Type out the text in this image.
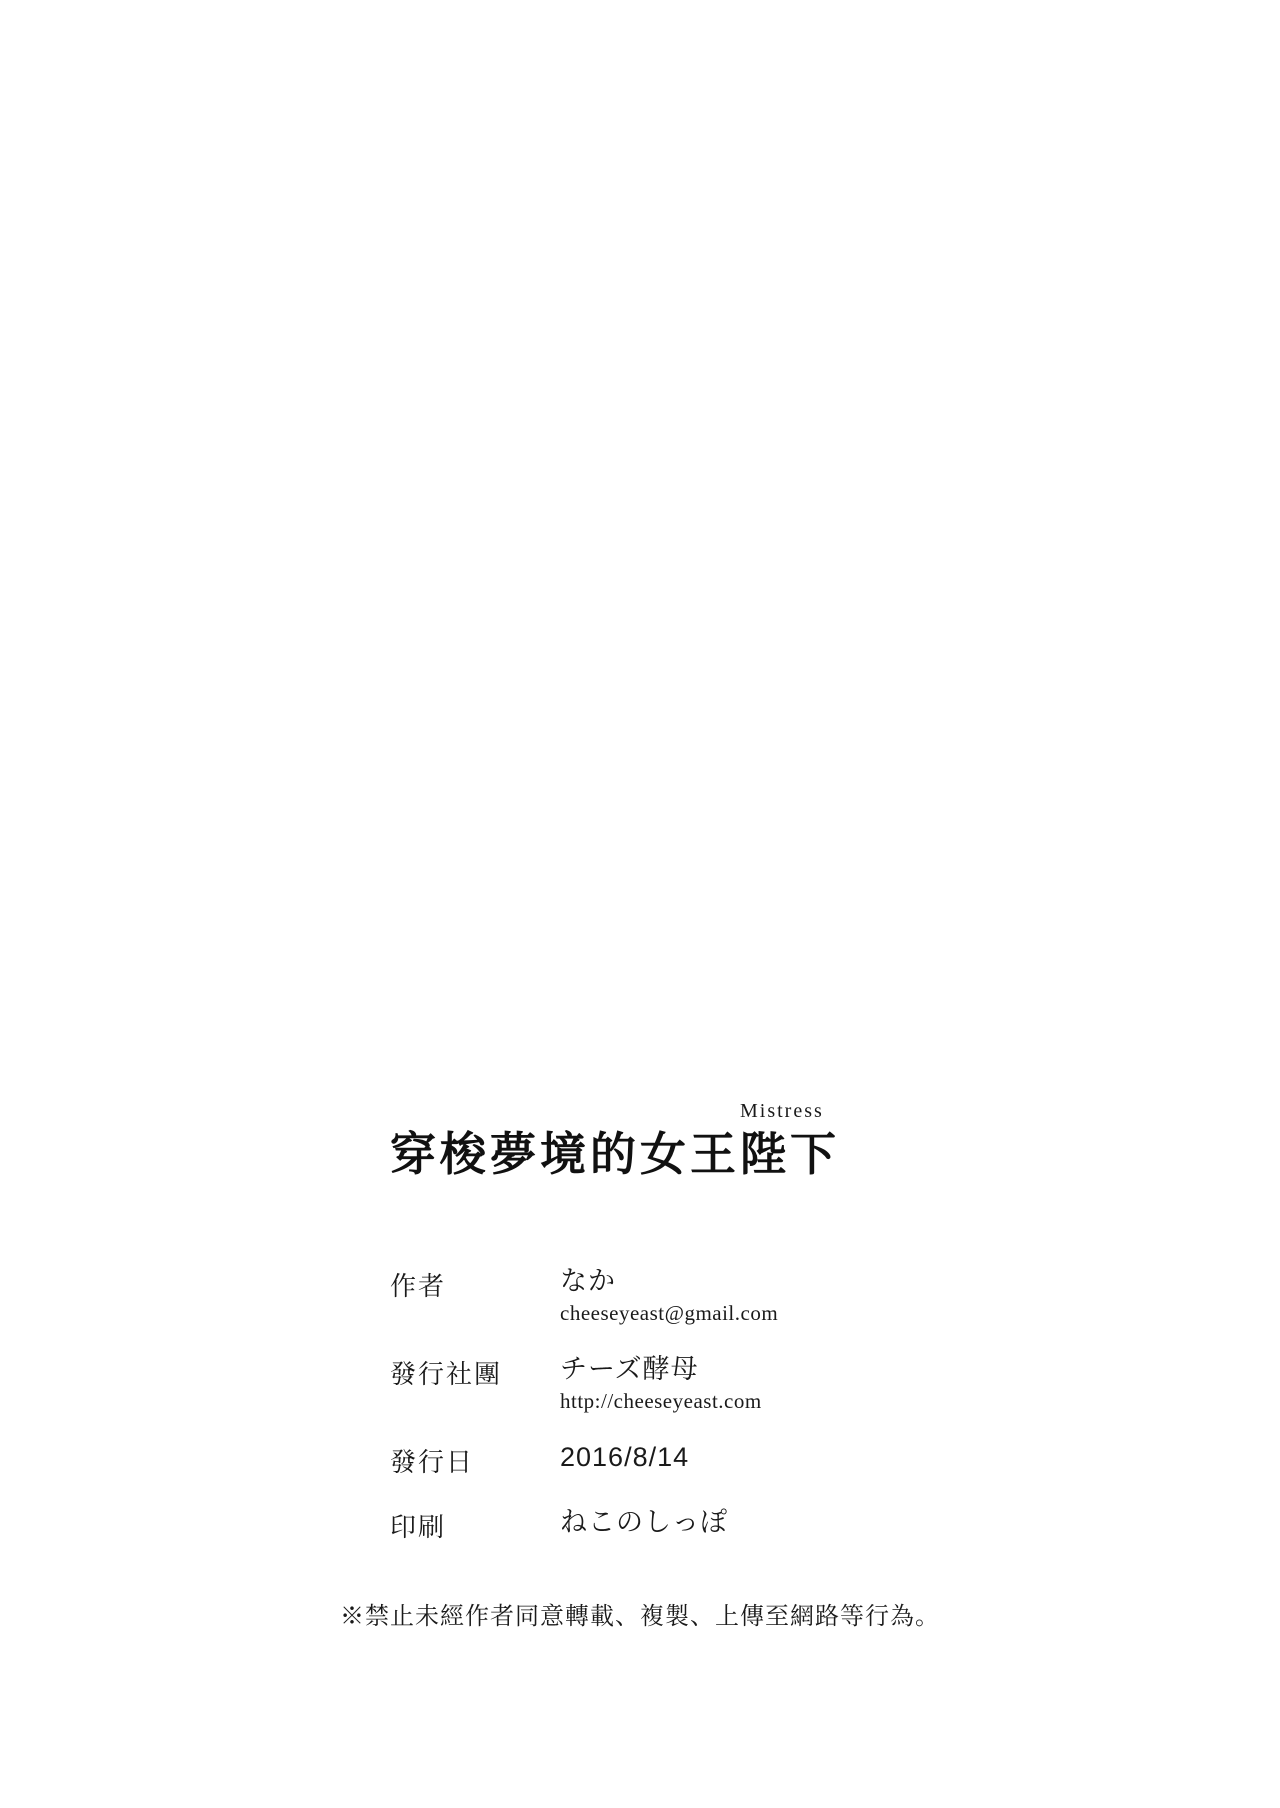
Mistress
穿梭夢境的女王陛下
作者	なか
cheeseyeast@gmail.com
發行社團	チーズ酵母
http://cheeseyeast.com
發行日	2016/8/14
印刷	ねこのしっぽ
※禁止未經作者同意轉載、複製、上傳至網路等行為。
